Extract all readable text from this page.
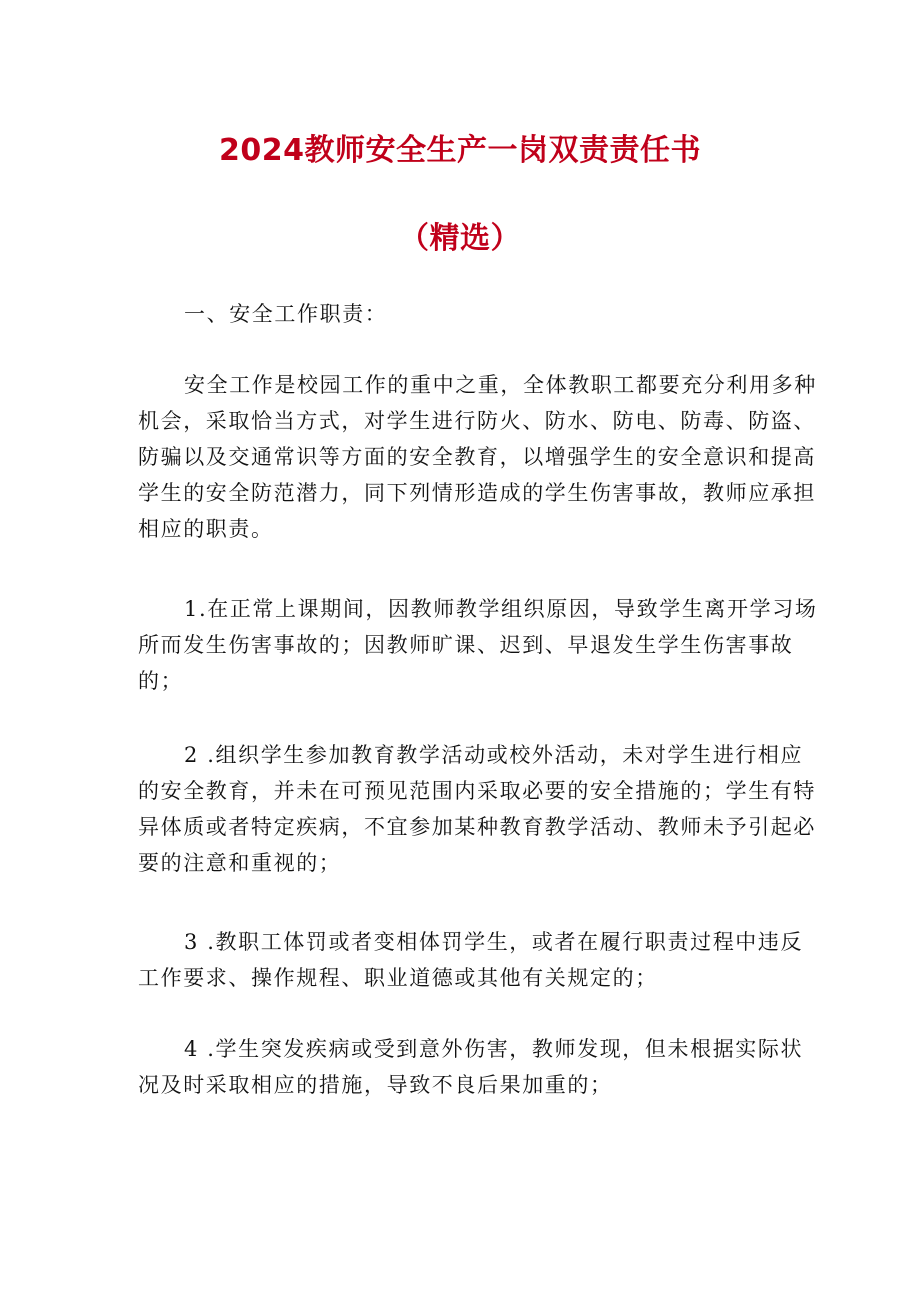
2024教师安全生产一岗双责责任书
（精选）

一、安全工作职责：

安全工作是校园工作的重中之重，全体教职工都要充分利用多种机会，采取恰当方式，对学生进行防火、防水、防电、防毒、防盗、防骗以及交通常识等方面的安全教育，以增强学生的安全意识和提高学生的安全防范潜力，同下列情形造成的学生伤害事故，教师应承担相应的职责。

1.在正常上课期间，因教师教学组织原因，导致学生离开学习场所而发生伤害事故的；因教师旷课、迟到、早退发生学生伤害事故的；

2 .组织学生参加教育教学活动或校外活动，未对学生进行相应的安全教育，并未在可预见范围内采取必要的安全措施的；学生有特异体质或者特定疾病，不宜参加某种教育教学活动、教师未予引起必要的注意和重视的；

3 .教职工体罚或者变相体罚学生，或者在履行职责过程中违反工作要求、操作规程、职业道德或其他有关规定的；

4 .学生突发疾病或受到意外伤害，教师发现，但未根据实际状况及时采取相应的措施，导致不良后果加重的；
